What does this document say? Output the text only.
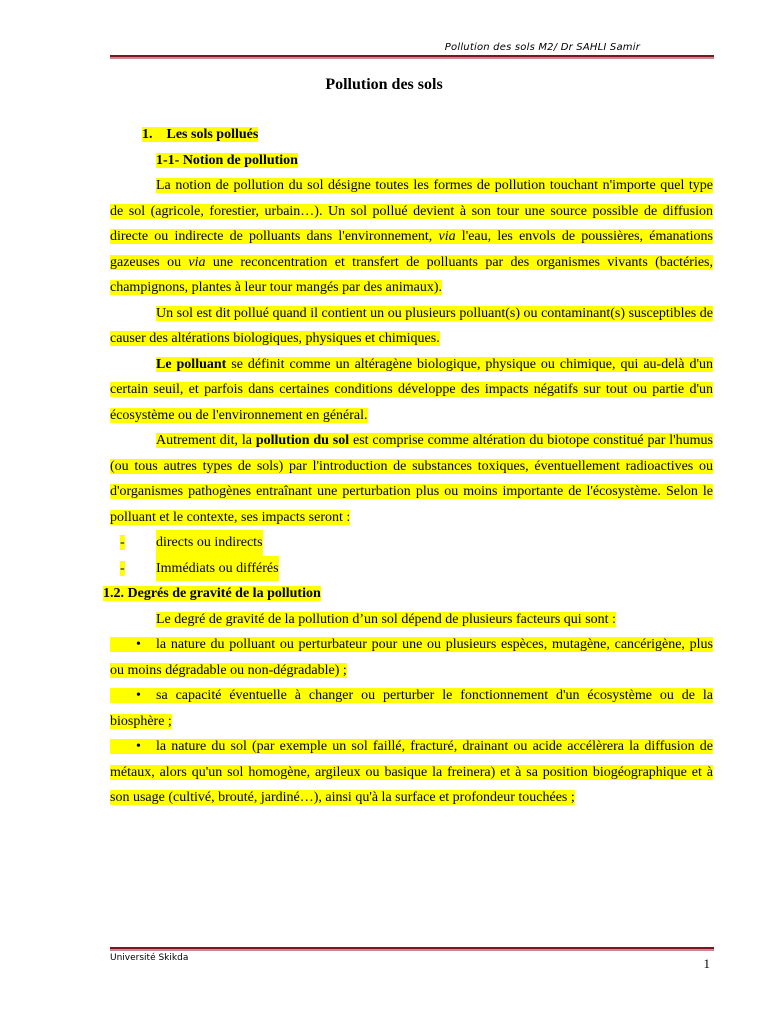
Pollution des sols M2/ Dr SAHLI Samir
Pollution des sols
1. Les sols pollués
1-1- Notion de pollution
La notion de pollution du sol désigne toutes les formes de pollution touchant n'importe quel type de sol (agricole, forestier, urbain…). Un sol pollué devient à son tour une source possible de diffusion directe ou indirecte de polluants dans l'environnement, via l'eau, les envols de poussières, émanations gazeuses ou via une reconcentration et transfert de polluants par des organismes vivants (bactéries, champignons, plantes à leur tour mangés par des animaux).
Un sol est dit pollué quand il contient un ou plusieurs polluant(s) ou contaminant(s) susceptibles de causer des altérations biologiques, physiques et chimiques.
Le polluant se définit comme un altéragène biologique, physique ou chimique, qui au-delà d'un certain seuil, et parfois dans certaines conditions développe des impacts négatifs sur tout ou partie d'un écosystème ou de l'environnement en général.
Autrement dit, la pollution du sol est comprise comme altération du biotope constitué par l'humus (ou tous autres types de sols) par l'introduction de substances toxiques, éventuellement radioactives ou d'organismes pathogènes entraînant une perturbation plus ou moins importante de l'écosystème. Selon le polluant et le contexte, ses impacts seront :
-	directs ou indirects
-	Immédiats ou différés
1.2. Degrés de gravité de la pollution
Le degré de gravité de la pollution d’un sol dépend de plusieurs facteurs qui sont :
• la nature du polluant ou perturbateur pour une ou plusieurs espèces, mutagène, cancérigène, plus ou moins dégradable ou non-dégradable) ;
• sa capacité éventuelle à changer ou perturber le fonctionnement d'un écosystème ou de la biosphère ;
• la nature du sol (par exemple un sol faillé, fracturé, drainant ou acide accélèrera la diffusion de métaux, alors qu'un sol homogène, argileux ou basique la freinera) et à sa position biogéographique et à son usage (cultivé, brouté, jardiné…), ainsi qu'à la surface et profondeur touchées ;
Université Skikda	1
